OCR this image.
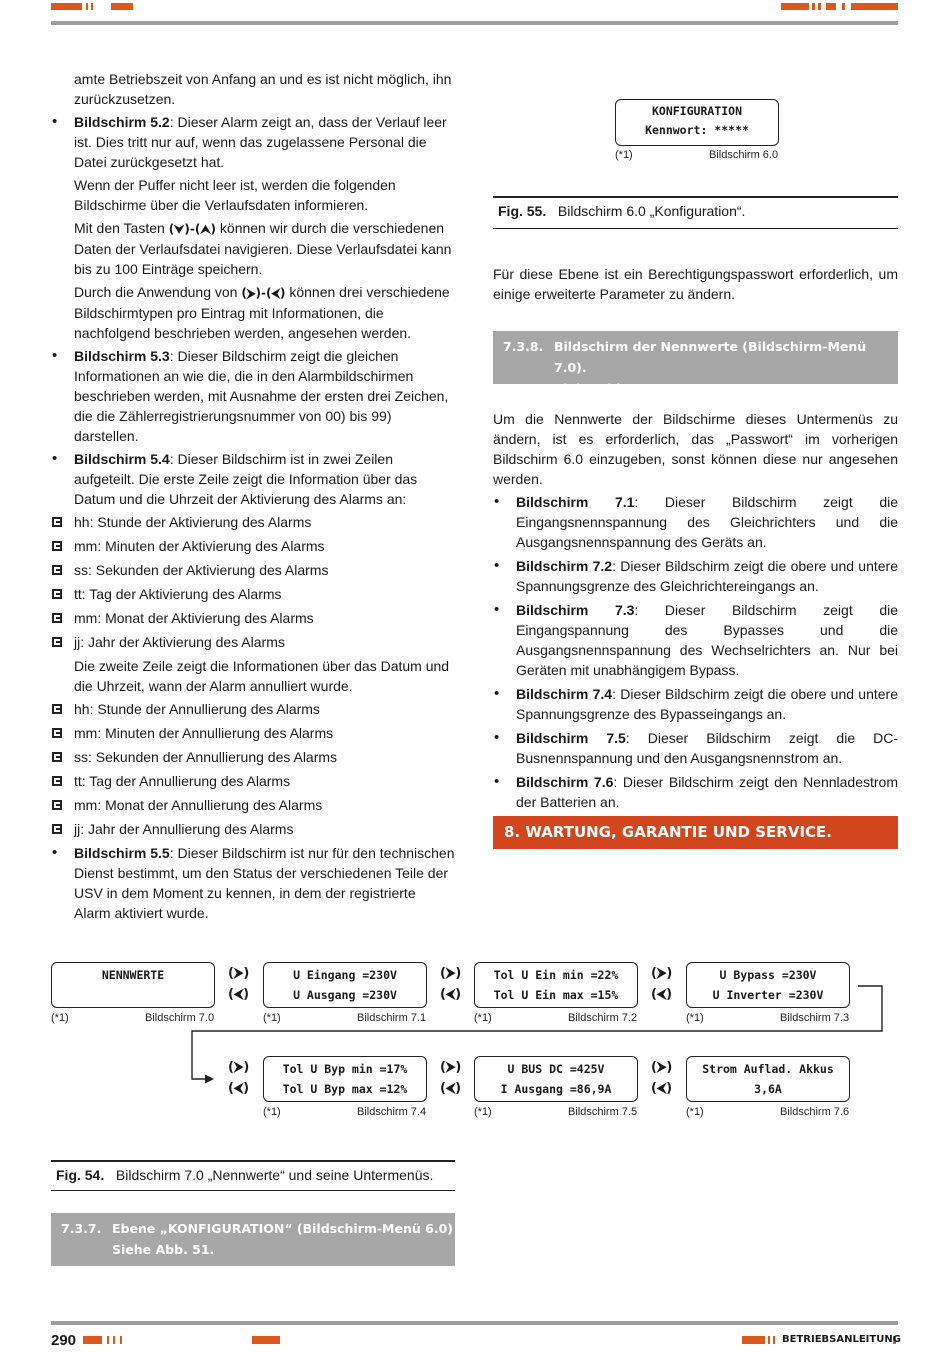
amte Betriebszeit von Anfang an und es ist nicht möglich, ihn zurückzusetzen.
• Bildschirm 5.2: Dieser Alarm zeigt an, dass der Verlauf leer ist. Dies tritt nur auf, wenn das zugelassene Personal die Datei zurückgesetzt hat.
Wenn der Puffer nicht leer ist, werden die folgenden Bildschirme über die Verlaufsdaten informieren.
Mit den Tasten (⮟)-(⮝) können wir durch die verschiedenen Daten der Verlaufsdatei navigieren. Diese Verlaufsdatei kann bis zu 100 Einträge speichern.
Durch die Anwendung von (⮞)-(⮜) können drei verschiedene Bildschirmtypen pro Eintrag mit Informationen, die nachfolgend beschrieben werden, angesehen werden.
• Bildschirm 5.3: Dieser Bildschirm zeigt die gleichen Informationen an wie die, die in den Alarmbildschirmen beschrieben werden, mit Ausnahme der ersten drei Zeichen, die die Zählerregistrierungsnummer von 00) bis 99) darstellen.
• Bildschirm 5.4: Dieser Bildschirm ist in zwei Zeilen aufgeteilt. Die erste Zeile zeigt die Information über das Datum und die Uhrzeit der Aktivierung des Alarms an:
hh: Stunde der Aktivierung des Alarms
mm: Minuten der Aktivierung des Alarms
ss: Sekunden der Aktivierung des Alarms
tt: Tag der Aktivierung des Alarms
mm: Monat der Aktivierung des Alarms
jj: Jahr der Aktivierung des Alarms
Die zweite Zeile zeigt die Informationen über das Datum und die Uhrzeit, wann der Alarm annulliert wurde.
hh: Stunde der Annullierung des Alarms
mm: Minuten der Annullierung des Alarms
ss: Sekunden der Annullierung des Alarms
tt: Tag der Annullierung des Alarms
mm: Monat der Annullierung des Alarms
jj: Jahr der Annullierung des Alarms
• Bildschirm 5.5: Dieser Bildschirm ist nur für den technischen Dienst bestimmt, um den Status der verschiedenen Teile der USV in dem Moment zu kennen, in dem der registrierte Alarm aktiviert wurde.
KONFIGURATION
Kennwort: *****
(*1)	Bildschirm 6.0
Fig. 55. Bildschirm 6.0 „Konfiguration“.
Für diese Ebene ist ein Berechtigungspasswort erforderlich, um einige erweiterte Parameter zu ändern.
7.3.8. Bildschirm der Nennwerte (Bildschirm-Menü 7.0).
Siehe Abb. 50.
Um die Nennwerte der Bildschirme dieses Untermenüs zu ändern, ist es erforderlich, das „Passwort“ im vorherigen Bildschirm 6.0 einzugeben, sonst können diese nur angesehen werden.
• Bildschirm 7.1: Dieser Bildschirm zeigt die Eingangsnennspannung des Gleichrichters und die Ausgangsnennspannung des Geräts an.
• Bildschirm 7.2: Dieser Bildschirm zeigt die obere und untere Spannungsgrenze des Gleichrichtereingangs an.
• Bildschirm 7.3: Dieser Bildschirm zeigt die Eingangspannung des Bypasses und die Ausgangsnennspannung des Wechselrichters an. Nur bei Geräten mit unabhängigem Bypass.
• Bildschirm 7.4: Dieser Bildschirm zeigt die obere und untere Spannungsgrenze des Bypasseingangs an.
• Bildschirm 7.5: Dieser Bildschirm zeigt die DC-Busnennspannung und den Ausgangsnennstrom an.
• Bildschirm 7.6: Dieser Bildschirm zeigt den Nennladestrom der Batterien an.
8. WARTUNG, GARANTIE UND SERVICE.
NENNWERTE
(*1)	Bildschirm 7.0
U Eingang =230V
U Ausgang =230V
(*1)	Bildschirm 7.1
Tol U Ein min =22%
Tol U Ein max =15%
(*1)	Bildschirm 7.2
U Bypass =230V
U Inverter =230V
(*1)	Bildschirm 7.3
Tol U Byp min =17%
Tol U Byp max =12%
(*1)	Bildschirm 7.4
U BUS DC =425V
I Ausgang =86,9A
(*1)	Bildschirm 7.5
Strom Auflad. Akkus
3,6A
(*1)	Bildschirm 7.6
(⮞)
(⮜)
(⮞)
(⮜)
(⮞)
(⮜)
(⮞)
(⮜)
(⮞)
(⮜)
(⮞)
(⮜)
Fig. 54. Bildschirm 7.0 „Nennwerte“ und seine Untermenüs.
7.3.7. Ebene „KONFIGURATION“ (Bildschirm-Menü 6.0)
Siehe Abb. 51.
290	BETRIEBSANLEITUNG
